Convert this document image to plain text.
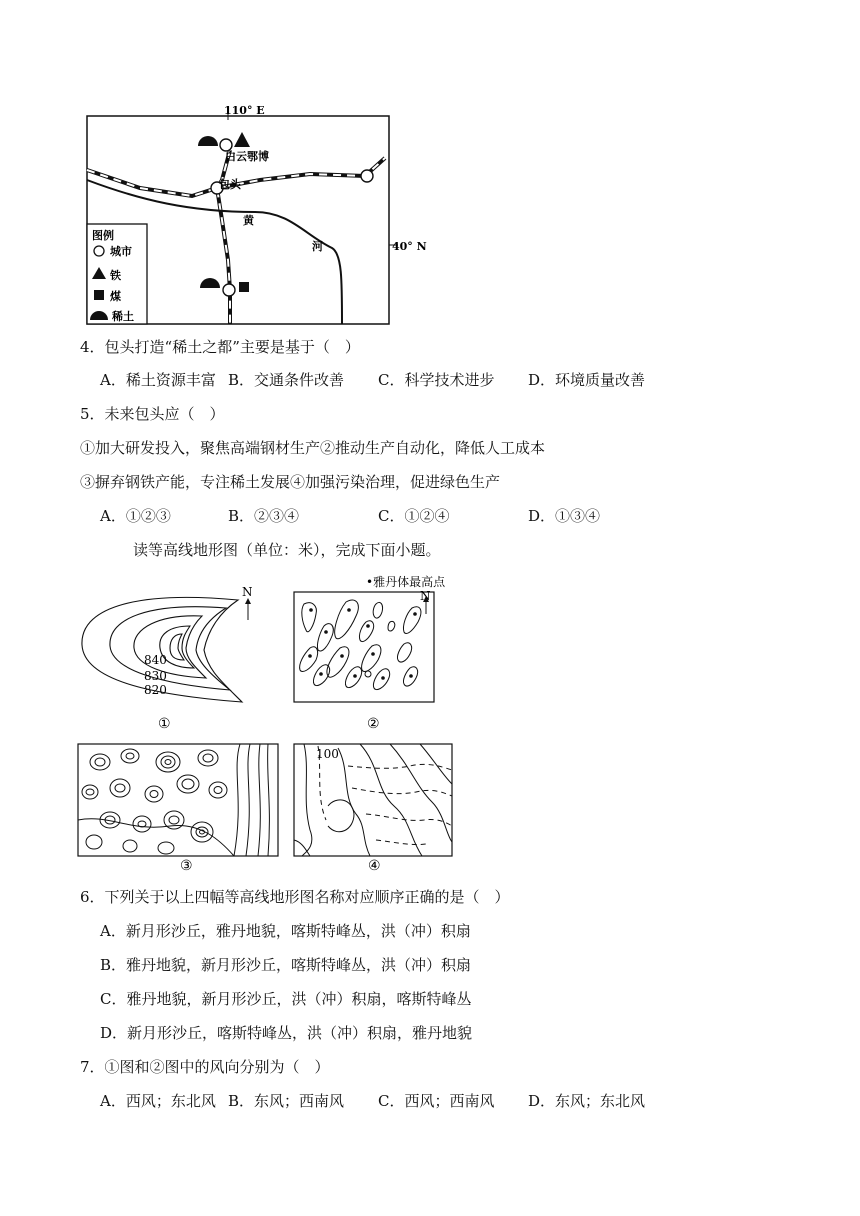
110° E
40° N
白云鄂博
包头
黄
河
图例
城市
铁
煤
稀土
4．包头打造“稀土之都”主要是基于（　）
A．稀土资源丰富 B．交通条件改善 C．科学技术进步 D．环境质量改善
5．未来包头应（　）
①加大研发投入，聚焦高端钢材生产②推动生产自动化，降低人工成本
③摒弃钢铁产能，专注稀土发展④加强污染治理，促进绿色生产
A．①②③	B．②③④	C．①②④	D．①③④
读等高线地形图（单位：米），完成下面小题。
840
830
820
N
①
•雅丹体最高点
N
②
③
100
④
6．下列关于以上四幅等高线地形图名称对应顺序正确的是（　）
A．新月形沙丘，雅丹地貌，喀斯特峰丛，洪（冲）积扇
B．雅丹地貌，新月形沙丘，喀斯特峰丛，洪（冲）积扇
C．雅丹地貌，新月形沙丘，洪（冲）积扇，喀斯特峰丛
D．新月形沙丘，喀斯特峰丛，洪（冲）积扇，雅丹地貌
7．①图和②图中的风向分别为（　）
A．西风；东北风 B．东风；西南风 C．西风；西南风 D．东风；东北风
